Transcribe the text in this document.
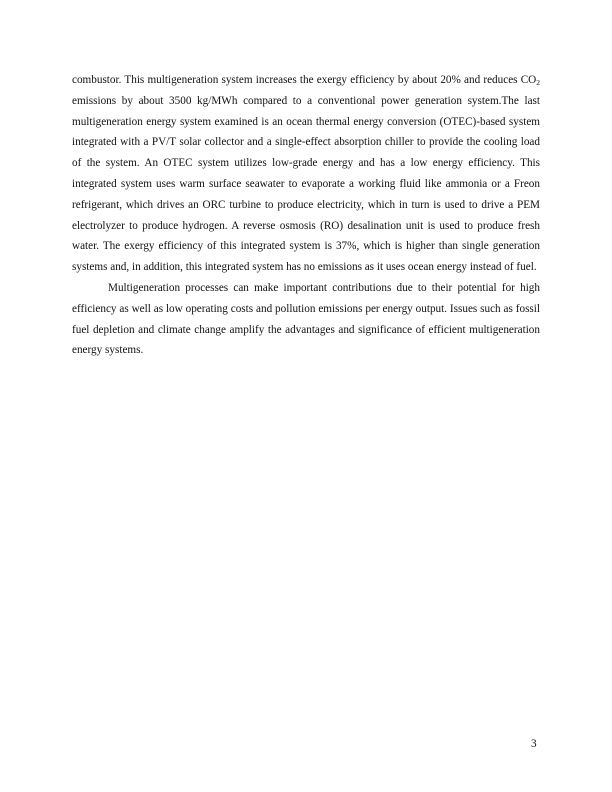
combustor. This multigeneration system increases the exergy efficiency by about 20% and reduces $CO_2$ emissions by about 3500 kg/MWh compared to a conventional power generation system.The last multigeneration energy system examined is an ocean thermal energy conversion (OTEC)-based system integrated with a PV/T solar collector and a single-effect absorption chiller to provide the cooling load of the system. An OTEC system utilizes low-grade energy and has a low energy efficiency. This integrated system uses warm surface seawater to evaporate a working fluid like ammonia or a Freon refrigerant, which drives an ORC turbine to produce electricity, which in turn is used to drive a PEM electrolyzer to produce hydrogen. A reverse osmosis (RO) desalination unit is used to produce fresh water. The exergy efficiency of this integrated system is 37%, which is higher than single generation systems and, in addition, this integrated system has no emissions as it uses ocean energy instead of fuel.

Multigeneration processes can make important contributions due to their potential for high efficiency as well as low operating costs and pollution emissions per energy output. Issues such as fossil fuel depletion and climate change amplify the advantages and significance of efficient multigeneration energy systems.

3
